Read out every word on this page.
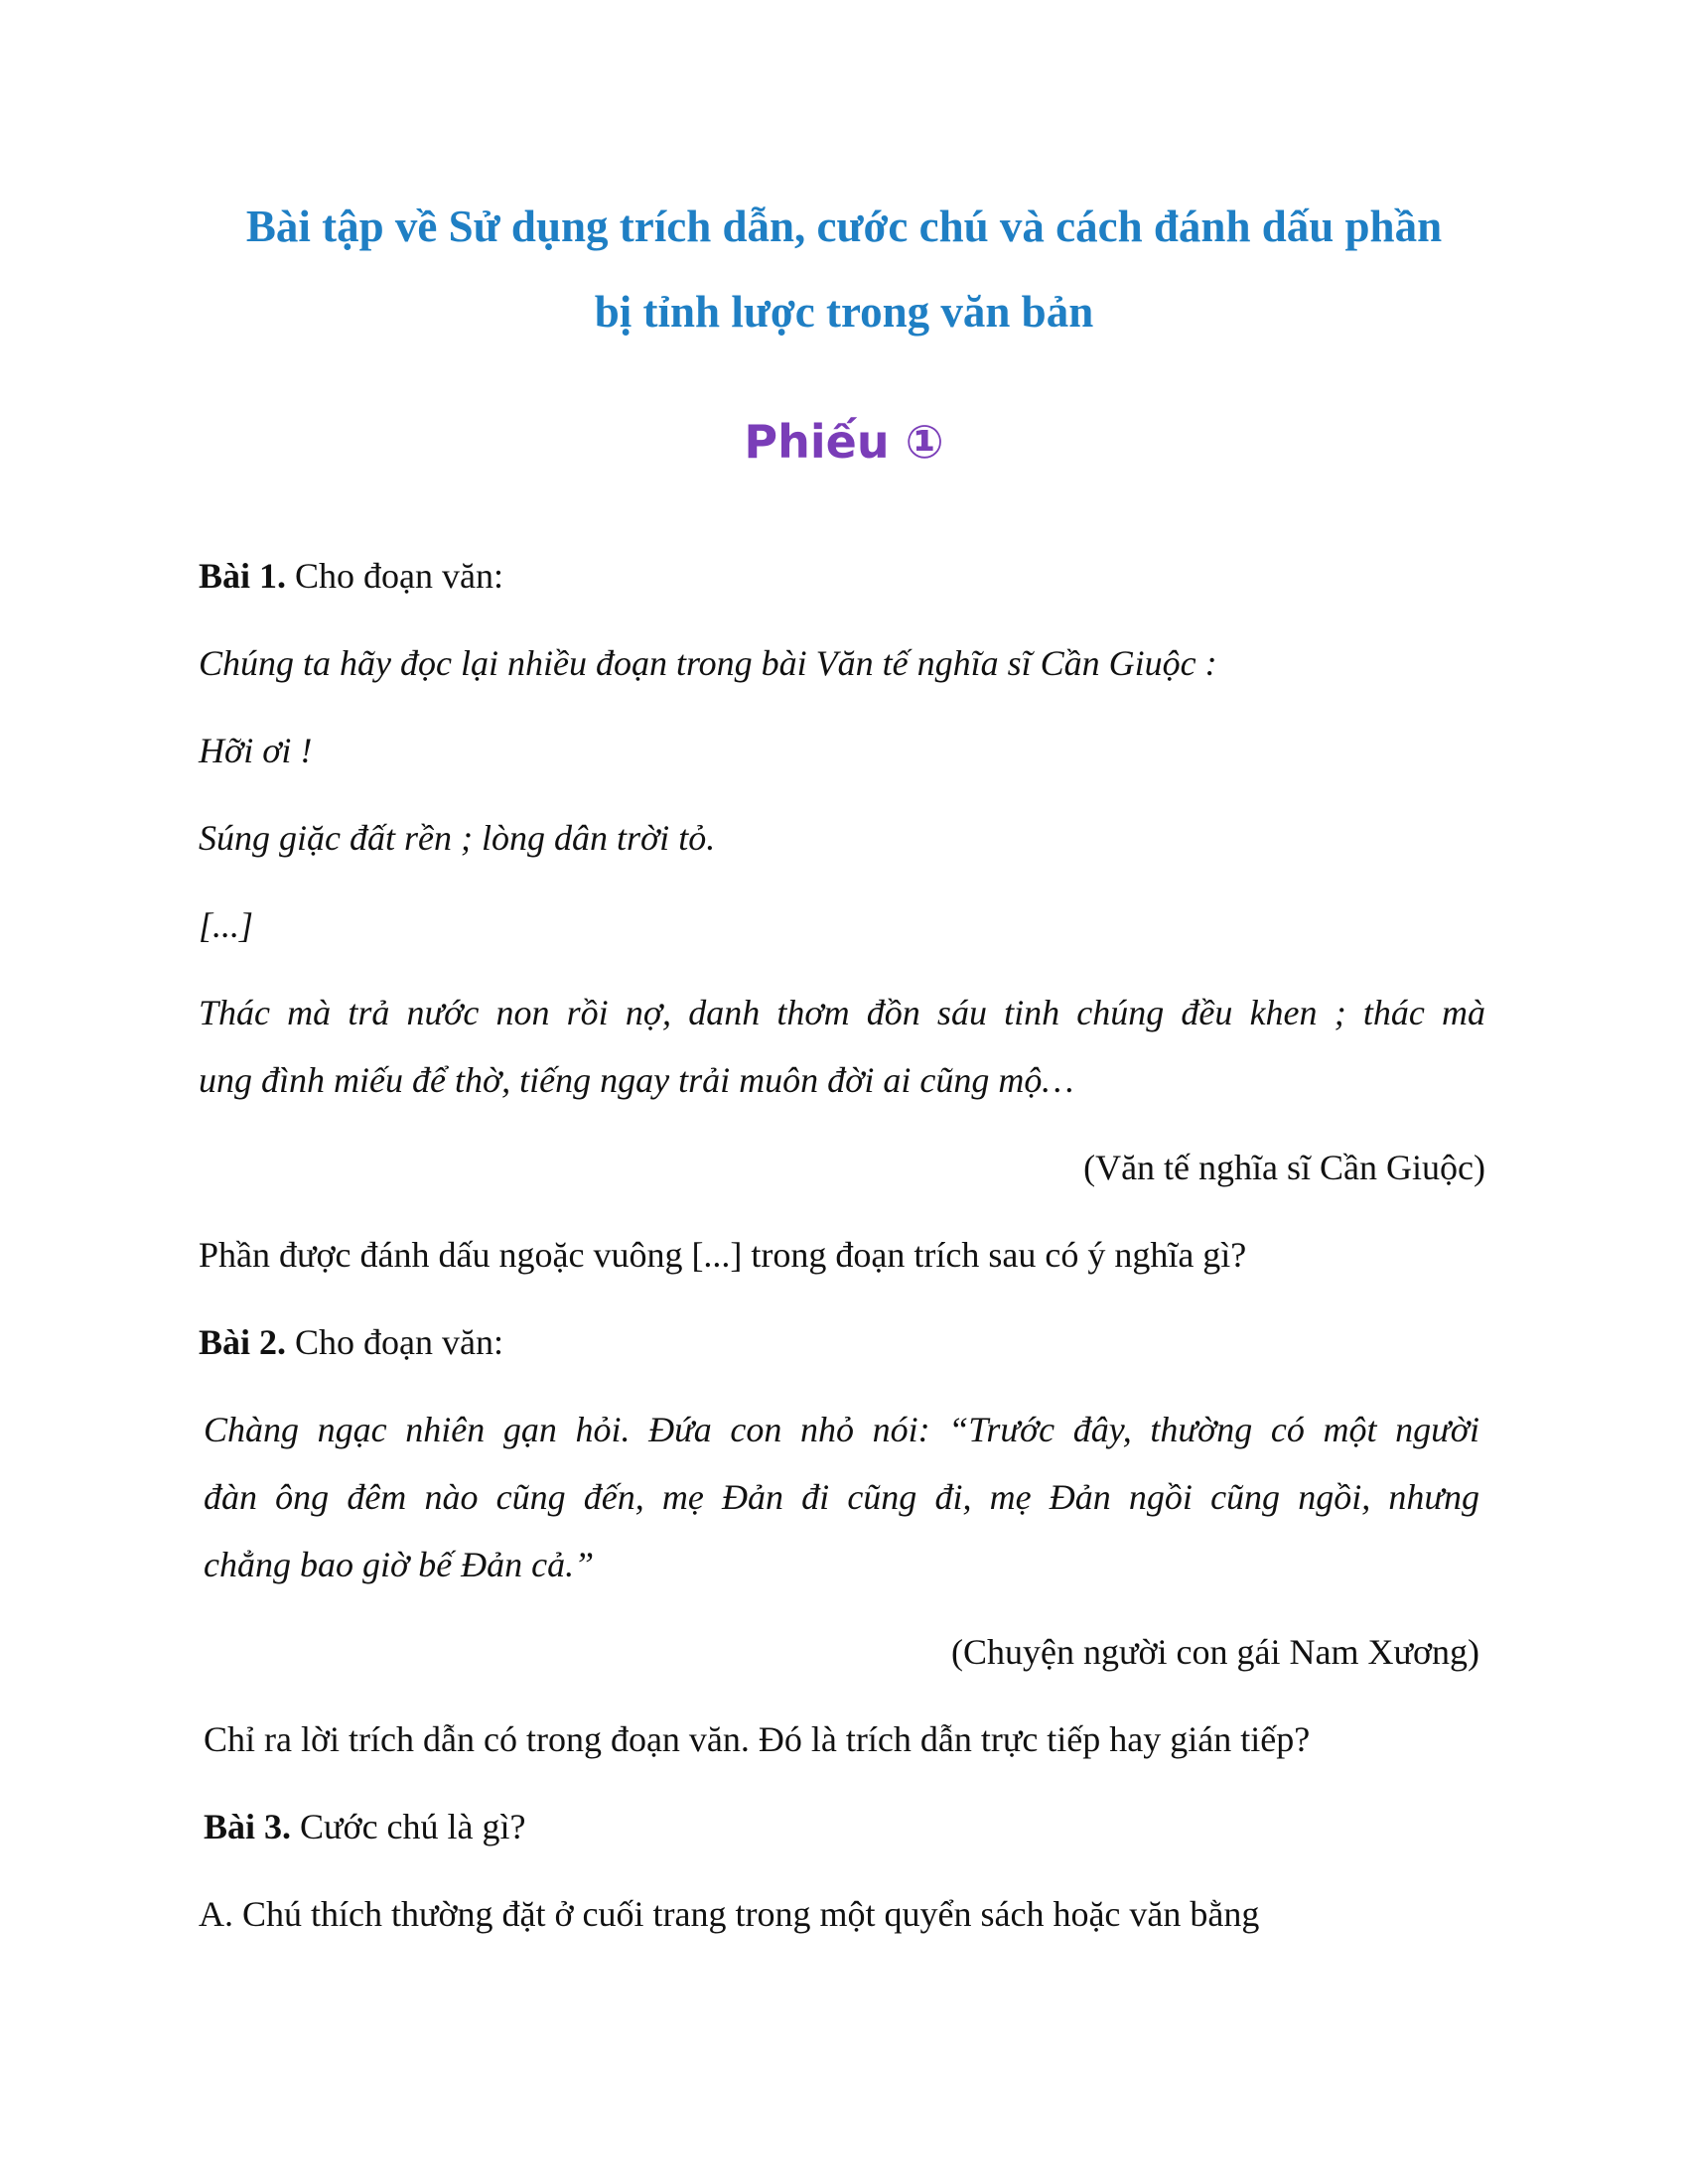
Bài tập về Sử dụng trích dẫn, cước chú và cách đánh dấu phần
bị tỉnh lược trong văn bản
Phiếu ①
Bài 1. Cho đoạn văn:
Chúng ta hãy đọc lại nhiều đoạn trong bài Văn tế nghĩa sĩ Cần Giuộc :
Hỡi ơi !
Súng giặc đất rền ; lòng dân trời tỏ.
[...]
Thác mà trả nước non rồi nợ, danh thơm đồn sáu tinh chúng đều khen ; thác mà
ung đình miếu để thờ, tiếng ngay trải muôn đời ai cũng mộ…
(Văn tế nghĩa sĩ Cần Giuộc)
Phần được đánh dấu ngoặc vuông [...] trong đoạn trích sau có ý nghĩa gì?
Bài 2. Cho đoạn văn:
Chàng ngạc nhiên gạn hỏi. Đứa con nhỏ nói: “Trước đây, thường có một người
đàn ông đêm nào cũng đến, mẹ Đản đi cũng đi, mẹ Đản ngồi cũng ngồi, nhưng
chẳng bao giờ bế Đản cả.”
(Chuyện người con gái Nam Xương)
Chỉ ra lời trích dẫn có trong đoạn văn. Đó là trích dẫn trực tiếp hay gián tiếp?
Bài 3. Cước chú là gì?
A. Chú thích thường đặt ở cuối trang trong một quyển sách hoặc văn bằng
